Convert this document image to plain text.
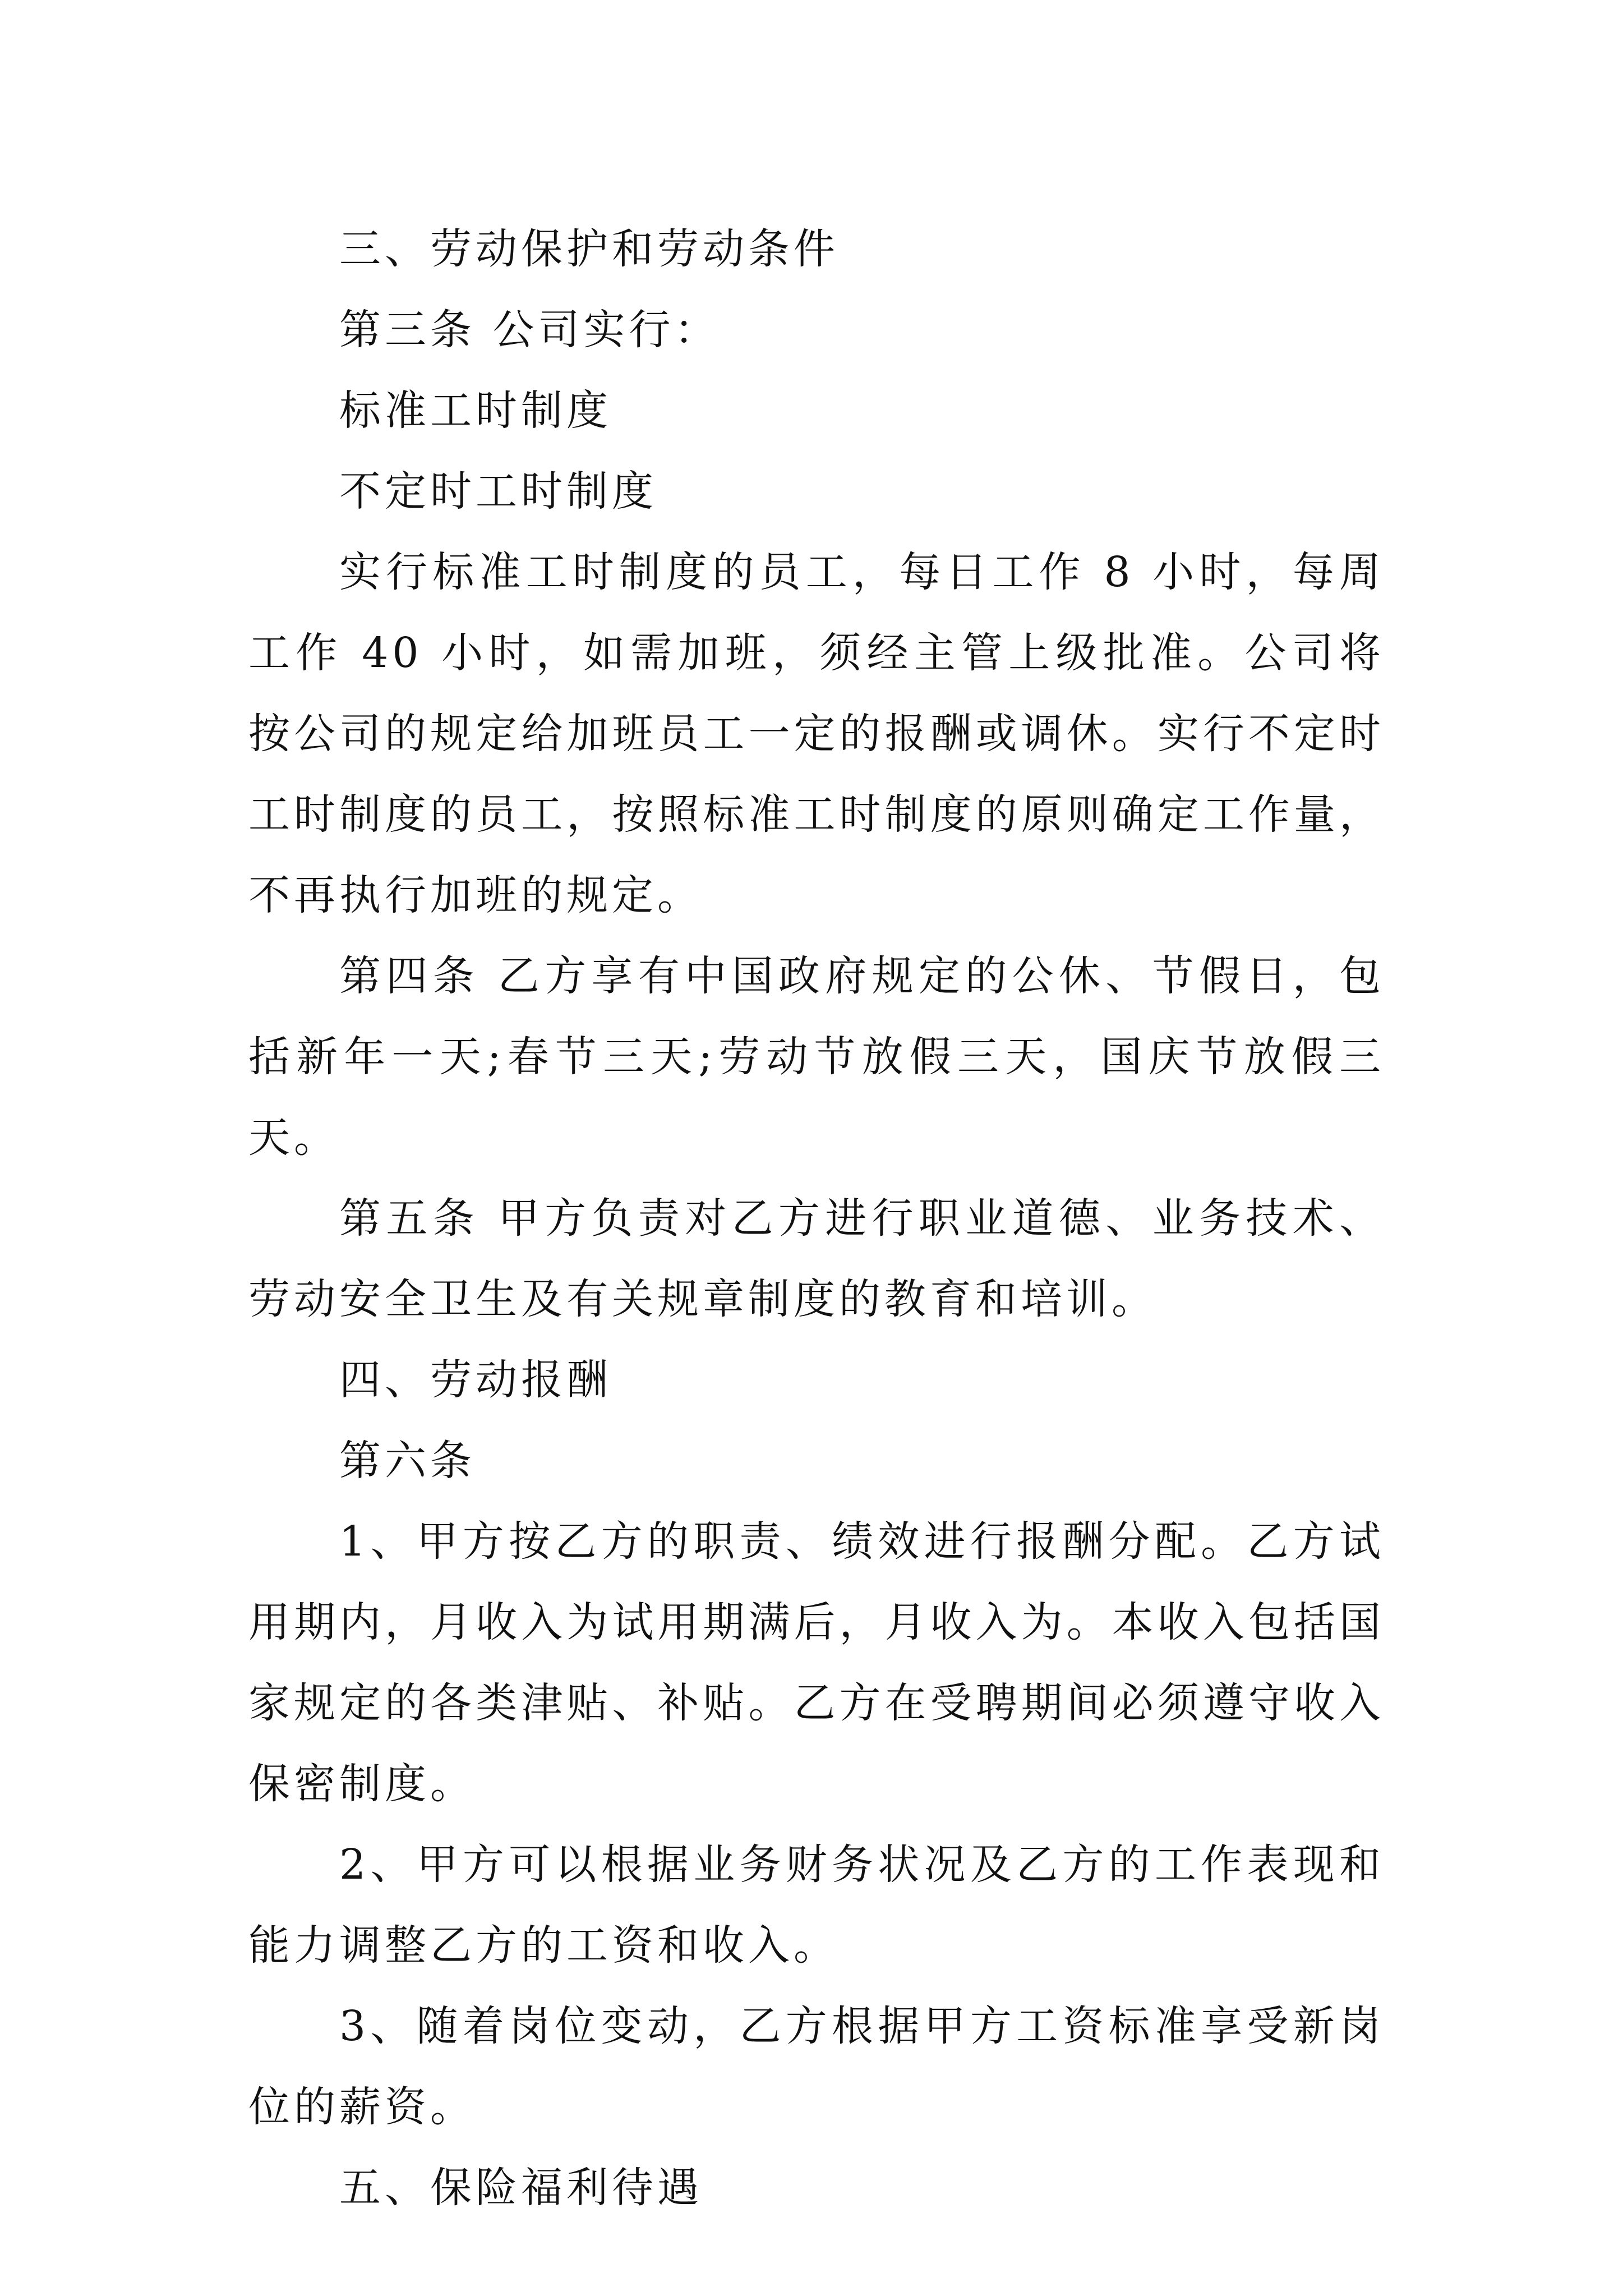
三、劳动保护和劳动条件

第三条 公司实行：

标准工时制度

不定时工时制度

实行标准工时制度的员工，每日工作 8 小时，每周工作 40 小时，如需加班，须经主管上级批准。公司将按公司的规定给加班员工一定的报酬或调休。实行不定时工时制度的员工，按照标准工时制度的原则确定工作量，不再执行加班的规定。

第四条 乙方享有中国政府规定的公休、节假日，包括新年一天;春节三天;劳动节放假三天，国庆节放假三天。

第五条 甲方负责对乙方进行职业道德、业务技术、劳动安全卫生及有关规章制度的教育和培训。

四、劳动报酬

第六条

1、甲方按乙方的职责、绩效进行报酬分配。乙方试用期内，月收入为试用期满后，月收入为。本收入包括国家规定的各类津贴、补贴。乙方在受聘期间必须遵守收入保密制度。

2、甲方可以根据业务财务状况及乙方的工作表现和能力调整乙方的工资和收入。

3、随着岗位变动，乙方根据甲方工资标准享受新岗位的薪资。

五、保险福利待遇
